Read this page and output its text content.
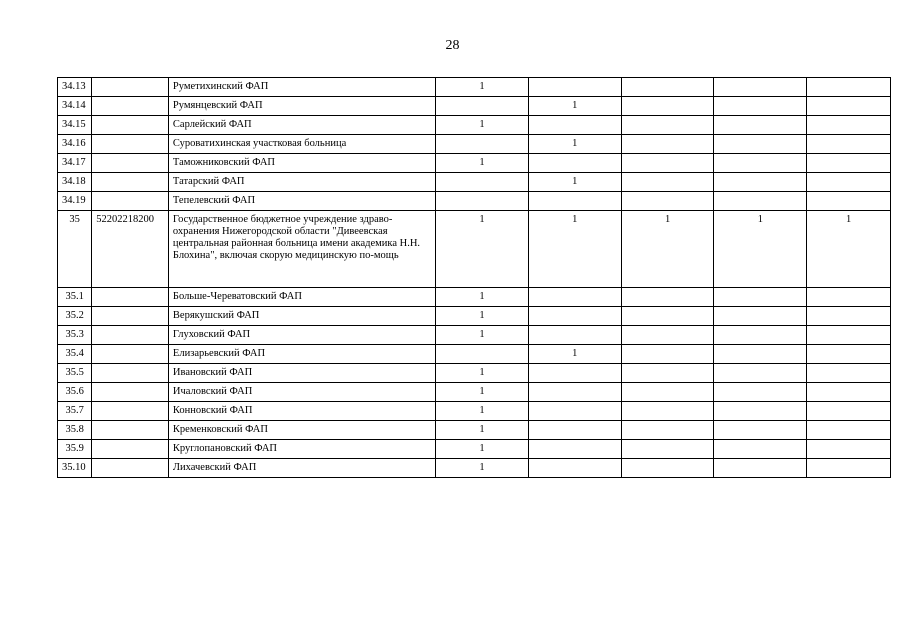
28
34.13		Руметихинский ФАП	1				
34.14		Румянцевский ФАП		1			
34.15		Сарлейский ФАП	1				
34.16		Суроватихинская участковая больница		1			
34.17		Таможниковский ФАП	1				
34.18		Татарский ФАП		1			
34.19		Тепелевский ФАП					
35	52202218200	Государственное бюджетное учреждение здраво-охранения Нижегородской области "Дивеевская центральная районная больница имени академика Н.Н. Блохина", включая скорую медицинскую по-мощь	1	1	1	1	1
35.1		Больше-Череватовский ФАП	1				
35.2		Верякушский ФАП	1				
35.3		Глуховский ФАП	1				
35.4		Елизарьевский ФАП		1			
35.5		Ивановский ФАП	1				
35.6		Ичаловский ФАП	1				
35.7		Конновский ФАП	1				
35.8		Кременковский ФАП	1				
35.9		Круглопановский ФАП	1				
35.10		Лихачевский ФАП	1				
